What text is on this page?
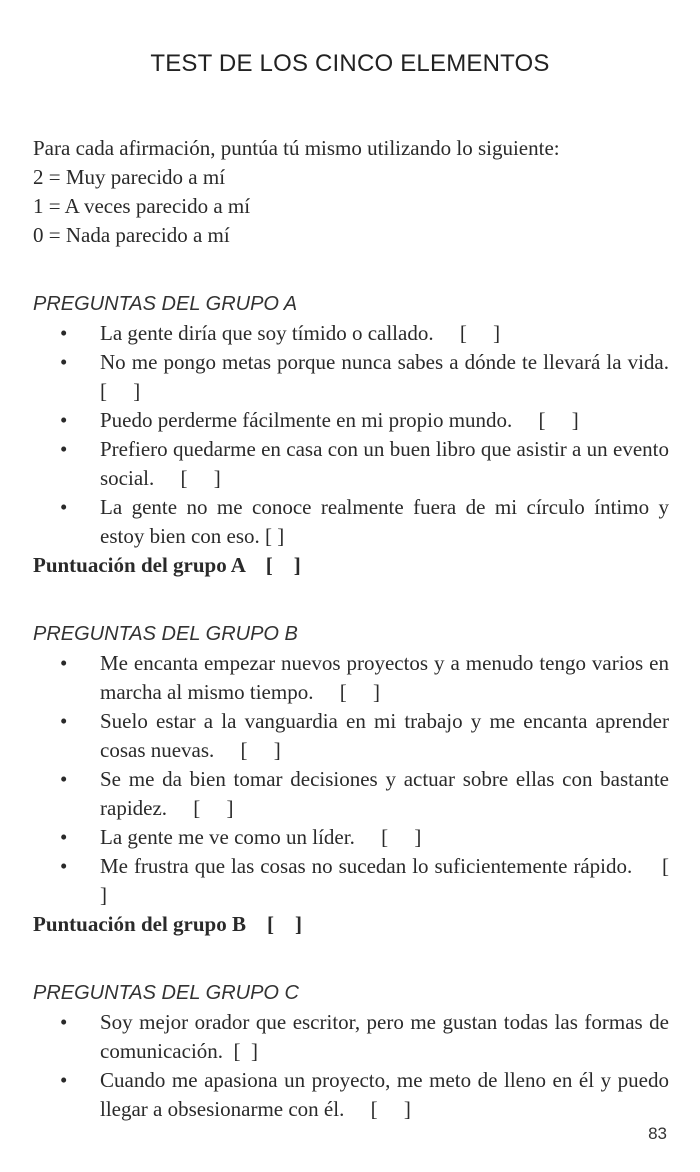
TEST DE LOS CINCO ELEMENTOS
Para cada afirmación, puntúa tú mismo utilizando lo siguiente:
2 = Muy parecido a mí
1 = A veces parecido a mí
0 = Nada parecido a mí
PREGUNTAS DEL GRUPO A
• La gente diría que soy tímido o callado.     [     ]
• No me pongo metas porque nunca sabes a dónde te llevará la vida.     [     ]
• Puedo perderme fácilmente en mi propio mundo.     [     ]
• Prefiero quedarme en casa con un buen libro que asistir a un evento social.     [     ]
• La gente no me conoce realmente fuera de mi círculo íntimo y estoy bien con eso. [ ]
Puntuación del grupo A    [    ]
PREGUNTAS DEL GRUPO B
• Me encanta empezar nuevos proyectos y a menudo tengo varios en marcha al mismo tiempo.     [     ]
• Suelo estar a la vanguardia en mi trabajo y me encanta aprender cosas nuevas.     [     ]
• Se me da bien tomar decisiones y actuar sobre ellas con bastante rapidez.     [     ]
• La gente me ve como un líder.     [     ]
• Me frustra que las cosas no sucedan lo suficientemente rápido.     [     ]
Puntuación del grupo B    [    ]
PREGUNTAS DEL GRUPO C
• Soy mejor orador que escritor, pero me gustan todas las formas de comunicación.  [  ]
• Cuando me apasiona un proyecto, me meto de lleno en él y puedo llegar a obsesionarme con él.     [     ]
83
